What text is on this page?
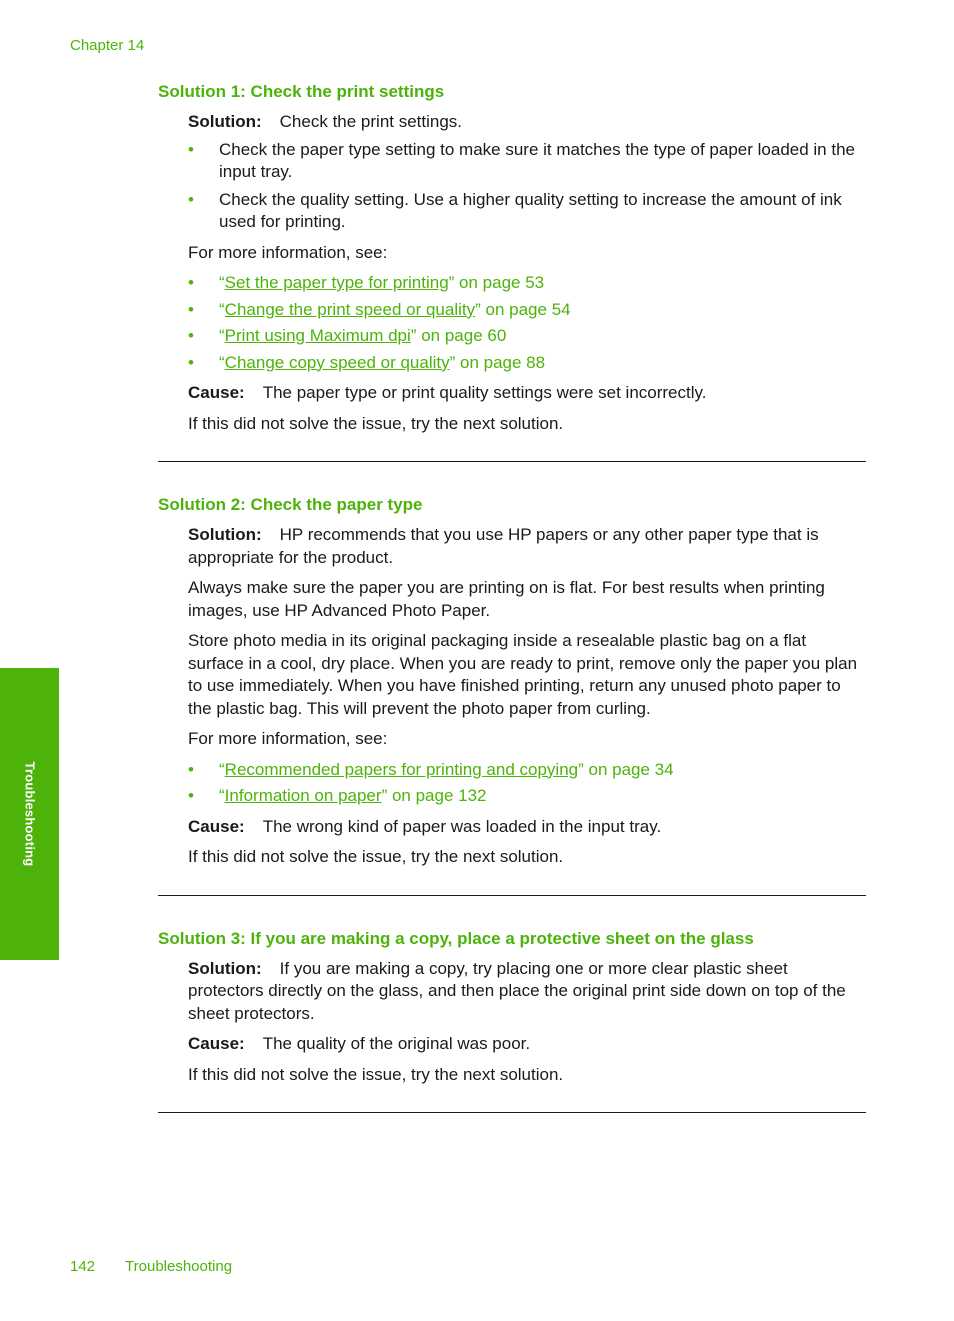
Chapter 14
Troubleshooting
Solution 1: Check the print settings

Solution: Check the print settings.

• Check the paper type setting to make sure it matches the type of paper loaded in the input tray.
• Check the quality setting. Use a higher quality setting to increase the amount of ink used for printing.

For more information, see:

• “Set the paper type for printing” on page 53
• “Change the print speed or quality” on page 54
• “Print using Maximum dpi” on page 60
• “Change copy speed or quality” on page 88

Cause: The paper type or print quality settings were set incorrectly.

If this did not solve the issue, try the next solution.

Solution 2: Check the paper type

Solution: HP recommends that you use HP papers or any other paper type that is appropriate for the product.

Always make sure the paper you are printing on is flat. For best results when printing images, use HP Advanced Photo Paper.

Store photo media in its original packaging inside a resealable plastic bag on a flat surface in a cool, dry place. When you are ready to print, remove only the paper you plan to use immediately. When you have finished printing, return any unused photo paper to the plastic bag. This will prevent the photo paper from curling.

For more information, see:

• “Recommended papers for printing and copying” on page 34
• “Information on paper” on page 132

Cause: The wrong kind of paper was loaded in the input tray.

If this did not solve the issue, try the next solution.

Solution 3: If you are making a copy, place a protective sheet on the glass

Solution: If you are making a copy, try placing one or more clear plastic sheet protectors directly on the glass, and then place the original print side down on top of the sheet protectors.

Cause: The quality of the original was poor.

If this did not solve the issue, try the next solution.

142 Troubleshooting
